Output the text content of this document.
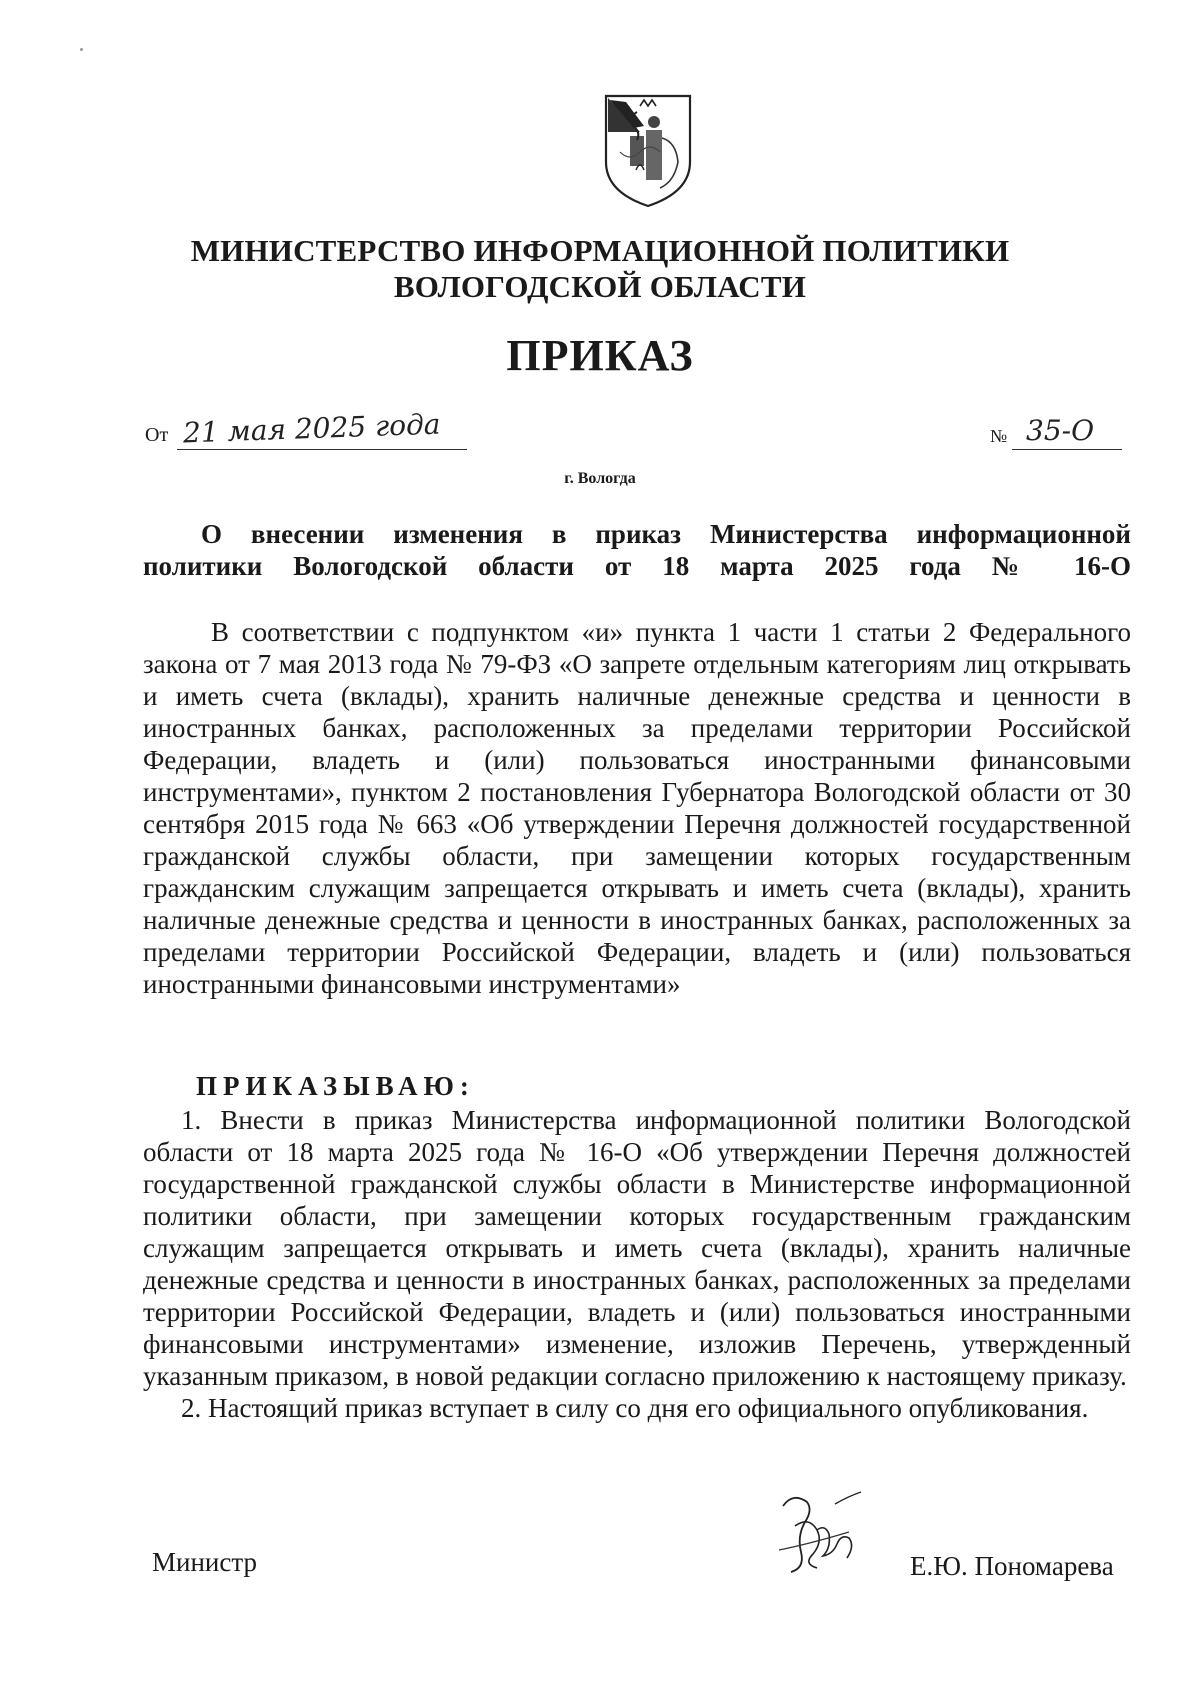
МИНИСТЕРСТВО ИНФОРМАЦИОННОЙ ПОЛИТИКИ
ВОЛОГОДСКОЙ ОБЛАСТИ
ПРИКАЗ
От 21 мая 2025 года	№ 35-О
г. Вологда
О внесении изменения в приказ Министерства информационной
политики Вологодской области от 18 марта 2025 года № 16-О

В соответствии с подпунктом «и» пункта 1 части 1 статьи 2 Федерального закона от 7 мая 2013 года № 79-ФЗ «О запрете отдельным категориям лиц открывать и иметь счета (вклады), хранить наличные денежные средства и ценности в иностранных банках, расположенных за пределами территории Российской Федерации, владеть и (или) пользоваться иностранными финансовыми инструментами», пунктом 2 постановления Губернатора Вологодской области от 30 сентября 2015 года № 663 «Об утверждении Перечня должностей государственной гражданской службы области, при замещении которых государственным гражданским служащим запрещается открывать и иметь счета (вклады), хранить наличные денежные средства и ценности в иностранных банках, расположенных за пределами территории Российской Федерации, владеть и (или) пользоваться иностранными финансовыми инструментами»

ПРИКАЗЫВАЮ:

1. Внести в приказ Министерства информационной политики Вологодской области от 18 марта 2025 года № 16-О «Об утверждении Перечня должностей государственной гражданской службы области в Министерстве информационной политики области, при замещении которых государственным гражданским служащим запрещается открывать и иметь счета (вклады), хранить наличные денежные средства и ценности в иностранных банках, расположенных за пределами территории Российской Федерации, владеть и (или) пользоваться иностранными финансовыми инструментами» изменение, изложив Перечень, утвержденный указанным приказом, в новой редакции согласно приложению к настоящему приказу.

2. Настоящий приказ вступает в силу со дня его официального опубликования.

Министр	Е.Ю. Пономарева
